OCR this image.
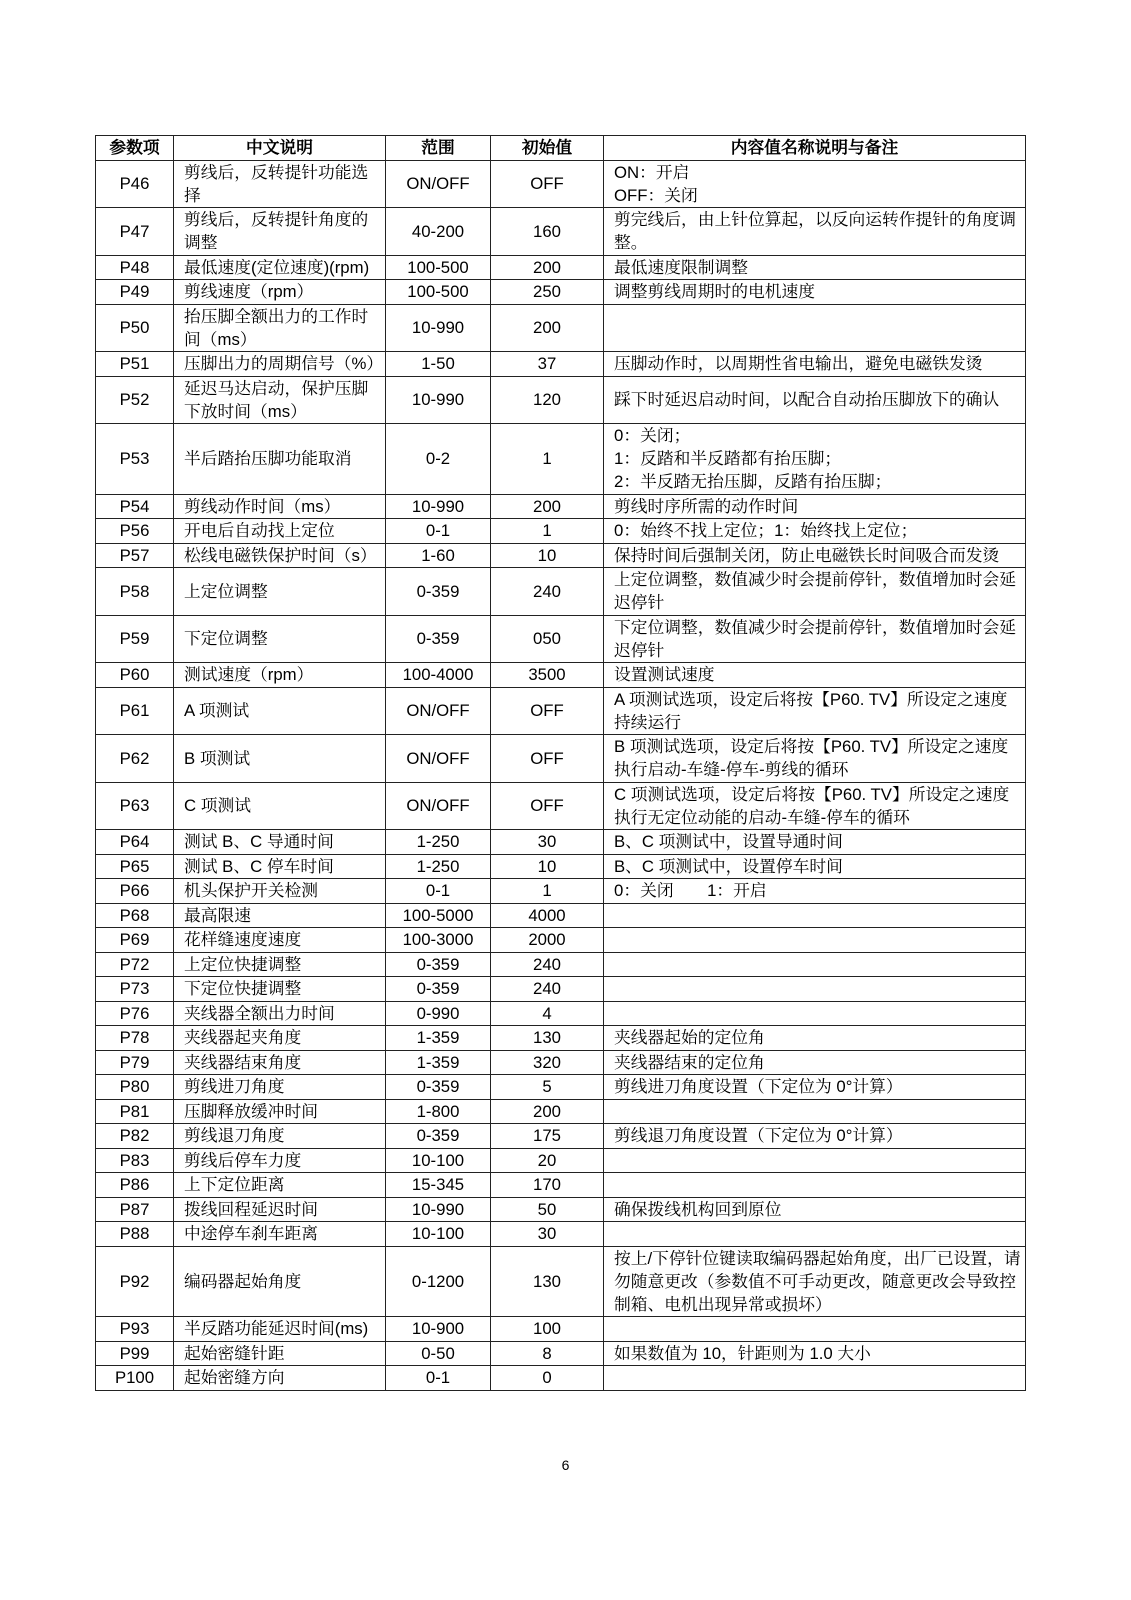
参数项	中文说明	范围	初始值	内容值名称说明与备注
P46	剪线后，反转提针功能选择	ON/OFF	OFF	ON：开启
OFF：关闭

P47	剪线后，反转提针角度的调整	40-200	160	剪完线后，由上针位算起，以反向运转作提针的角度调整。
P48	最低速度(定位速度)(rpm)	100-500	200	最低速度限制调整
P49	剪线速度（rpm）	100-500	250	调整剪线周期时的电机速度
P50	抬压脚全额出力的工作时间（ms）	10-990	200	
P51	压脚出力的周期信号（%）	1-50	37	压脚动作时，以周期性省电输出，避免电磁铁发烫
P52	延迟马达启动，保护压脚下放时间（ms）	10-990	120	踩下时延迟启动时间，以配合自动抬压脚放下的确认
P53	半后踏抬压脚功能取消	0-2	1	0：关闭；
1：反踏和半反踏都有抬压脚；
2：半反踏无抬压脚，反踏有抬压脚；

P54	剪线动作时间（ms）	10-990	200	剪线时序所需的动作时间
P56	开电后自动找上定位	0-1	1	0：始终不找上定位；1：始终找上定位；
P57	松线电磁铁保护时间（s）	1-60	10	保持时间后强制关闭，防止电磁铁长时间吸合而发烫
P58	上定位调整	0-359	240	上定位调整，数值减少时会提前停针，数值增加时会延迟停针
P59	下定位调整	0-359	050	下定位调整，数值减少时会提前停针，数值增加时会延迟停针
P60	测试速度（rpm）	100-4000	3500	设置测试速度
P61	A 项测试	ON/OFF	OFF	A 项测试选项，设定后将按【P60. TV】所设定之速度持续运行
P62	B 项测试	ON/OFF	OFF	B 项测试选项，设定后将按【P60. TV】所设定之速度执行启动-车缝-停车-剪线的循环
P63	C 项测试	ON/OFF	OFF	C 项测试选项，设定后将按【P60. TV】所设定之速度执行无定位动能的启动-车缝-停车的循环
P64	测试 B、C 导通时间	1-250	30	B、C 项测试中，设置导通时间
P65	测试 B、C 停车时间	1-250	10	B、C 项测试中，设置停车时间
P66	机头保护开关检测	0-1	1	0：关闭　　1：开启
P68	最高限速	100-5000	4000	
P69	花样缝速度速度	100-3000	2000	
P72	上定位快捷调整	0-359	240	
P73	下定位快捷调整	0-359	240	
P76	夹线器全额出力时间	0-990	4	
P78	夹线器起夹角度	1-359	130	夹线器起始的定位角
P79	夹线器结束角度	1-359	320	夹线器结束的定位角
P80	剪线进刀角度	0-359	5	剪线进刀角度设置（下定位为 0°计算）
P81	压脚释放缓冲时间	1-800	200	
P82	剪线退刀角度	0-359	175	剪线退刀角度设置（下定位为 0°计算）
P83	剪线后停车力度	10-100	20	
P86	上下定位距离	15-345	170	
P87	拨线回程延迟时间	10-990	50	确保拨线机构回到原位
P88	中途停车刹车距离	10-100	30	
P92	编码器起始角度	0-1200	130	按上/下停针位键读取编码器起始角度，出厂已设置，请勿随意更改（参数值不可手动更改，随意更改会导致控制箱、电机出现异常或损坏）
P93	半反踏功能延迟时间(ms)	10-900	100	
P99	起始密缝针距	0-50	8	如果数值为 10，针距则为 1.0 大小
P100	起始密缝方向	0-1	0	
6
